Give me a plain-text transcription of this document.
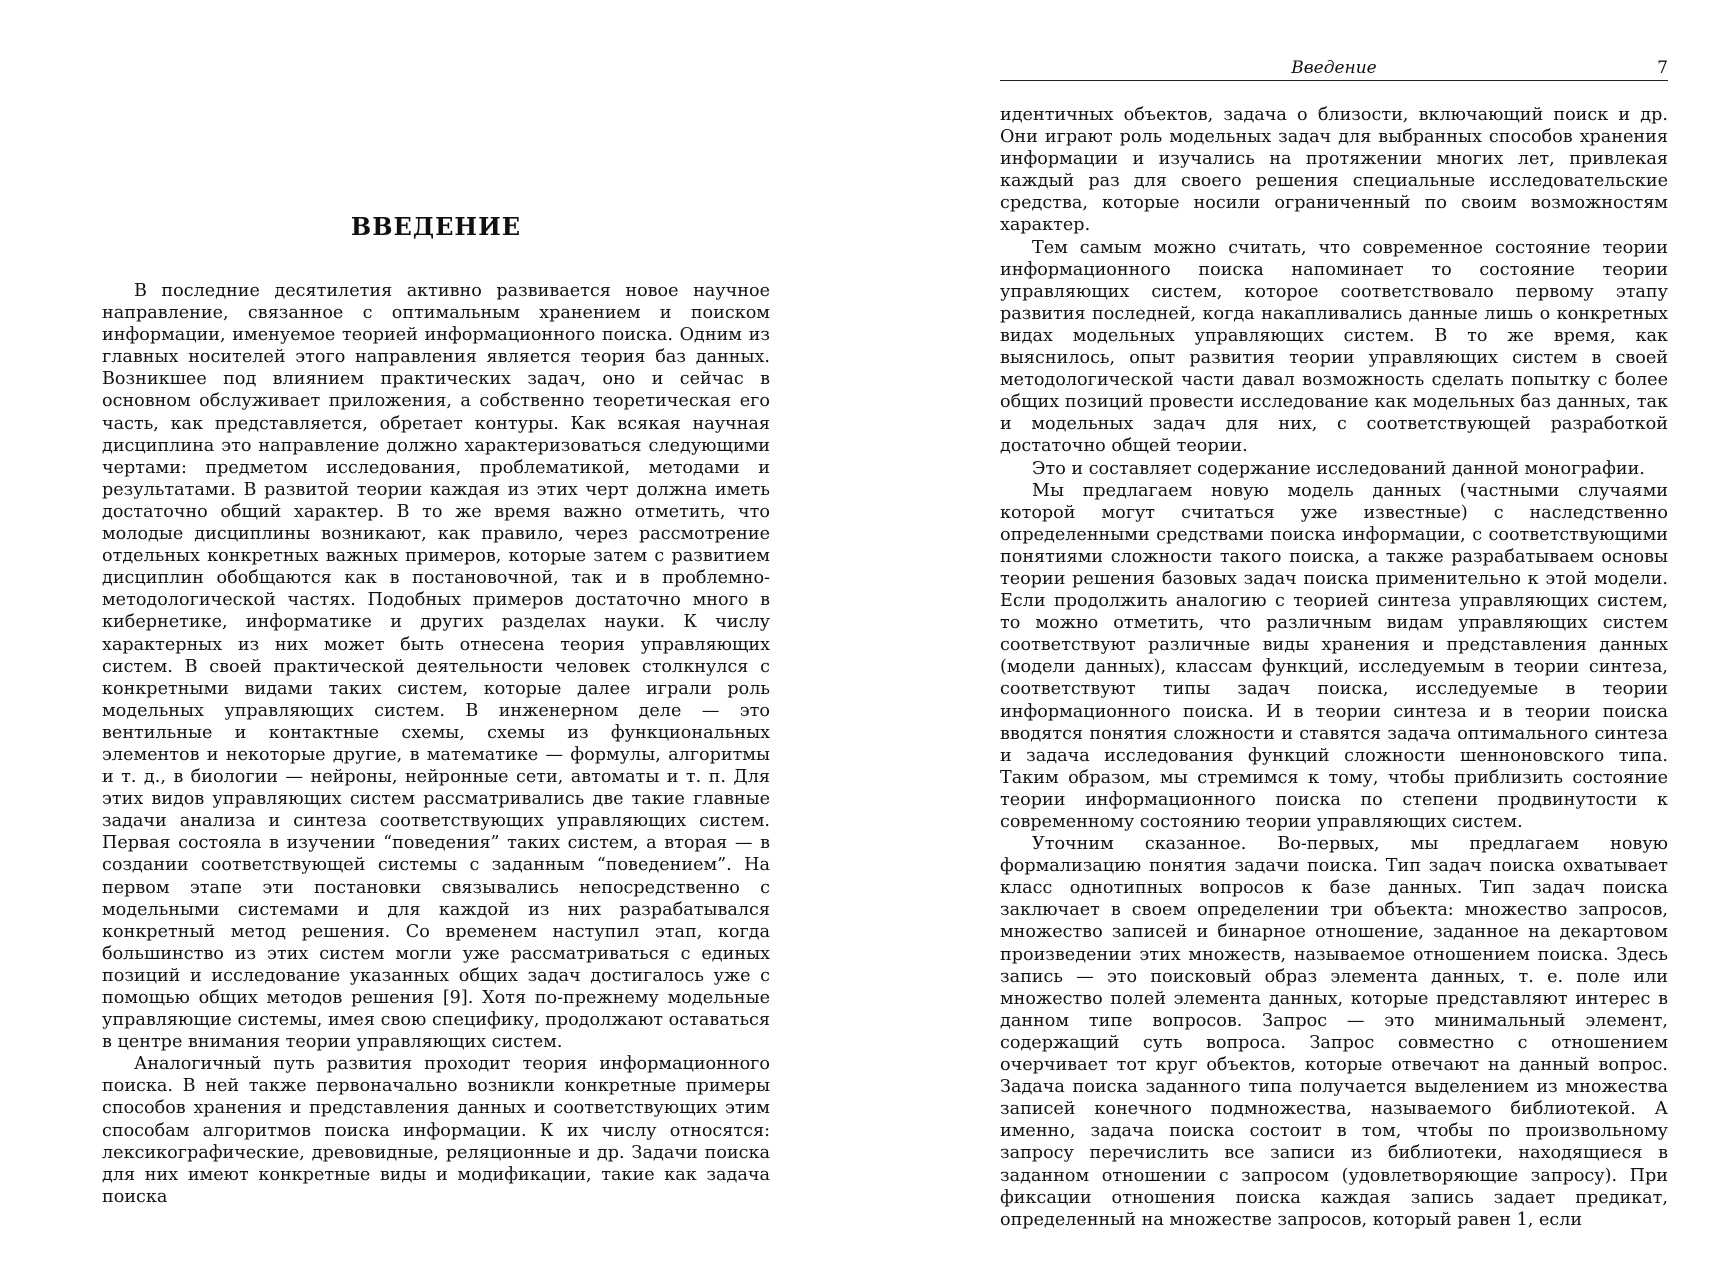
ВВЕДЕНИЕ

В последние десятилетия активно развивается новое научное направление, связанное с оптимальным хранением и поиском информации, именуемое теорией информационного поиска. Одним из главных носителей этого направления является теория баз данных. Возникшее под влиянием практических задач, оно и сейчас в основном обслуживает приложения, а собственно теоретическая его часть, как представляется, обретает контуры. Как всякая научная дисциплина это направление должно характеризоваться следующими чертами: предметом исследования, проблематикой, методами и результатами. В развитой теории каждая из этих черт должна иметь достаточно общий характер. В то же время важно отметить, что молодые дисциплины возникают, как правило, через рассмотрение отдельных конкретных важных примеров, которые затем с развитием дисциплин обобщаются как в постановочной, так и в проблемно-методологической частях. Подобных примеров достаточно много в кибернетике, информатике и других разделах науки. К числу характерных из них может быть отнесена теория управляющих систем. В своей практической деятельности человек столкнулся с конкретными видами таких систем, которые далее играли роль модельных управляющих систем. В инженерном деле — это вентильные и контактные схемы, схемы из функциональных элементов и некоторые другие, в математике — формулы, алгоритмы и т. д., в биологии — нейроны, нейронные сети, автоматы и т. п. Для этих видов управляющих систем рассматривались две такие главные задачи анализа и синтеза соответствующих управляющих систем. Первая состояла в изучении “поведения” таких систем, а вторая — в создании соответствующей системы с заданным “поведением”. На первом этапе эти постановки связывались непосредственно с модельными системами и для каждой из них разрабатывался конкретный метод решения. Со временем наступил этап, когда большинство из этих систем могли уже рассматриваться с единых позиций и исследование указанных общих задач достигалось уже с помощью общих методов решения [9]. Хотя по-прежнему модельные управляющие системы, имея свою специфику, продолжают оставаться в центре внимания теории управляющих систем.

Аналогичный путь развития проходит теория информационного поиска. В ней также первоначально возникли конкретные примеры способов хранения и представления данных и соответствующих этим способам алгоритмов поиска информации. К их числу относятся: лексикографические, древовидные, реляционные и др. Задачи поиска для них имеют конкретные виды и модификации, такие как задача поиска

Введение	7

идентичных объектов, задача о близости, включающий поиск и др. Они играют роль модельных задач для выбранных способов хранения информации и изучались на протяжении многих лет, привлекая каждый раз для своего решения специальные исследовательские средства, которые носили ограниченный по своим возможностям характер.

Тем самым можно считать, что современное состояние теории информационного поиска напоминает то состояние теории управляющих систем, которое соответствовало первому этапу развития последней, когда накапливались данные лишь о конкретных видах модельных управляющих систем. В то же время, как выяснилось, опыт развития теории управляющих систем в своей методологической части давал возможность сделать попытку с более общих позиций провести исследование как модельных баз данных, так и модельных задач для них, с соответствующей разработкой достаточно общей теории.

Это и составляет содержание исследований данной монографии.

Мы предлагаем новую модель данных (частными случаями которой могут считаться уже известные) с наследственно определенными средствами поиска информации, с соответствующими понятиями сложности такого поиска, а также разрабатываем основы теории решения базовых задач поиска применительно к этой модели. Если продолжить аналогию с теорией синтеза управляющих систем, то можно отметить, что различным видам управляющих систем соответствуют различные виды хранения и представления данных (модели данных), классам функций, исследуемым в теории синтеза, соответствуют типы задач поиска, исследуемые в теории информационного поиска. И в теории синтеза и в теории поиска вводятся понятия сложности и ставятся задача оптимального синтеза и задача исследования функций сложности шенноновского типа. Таким образом, мы стремимся к тому, чтобы приблизить состояние теории информационного поиска по степени продвинутости к современному состоянию теории управляющих систем.

Уточним сказанное. Во-первых, мы предлагаем новую формализацию понятия задачи поиска. Тип задач поиска охватывает класс однотипных вопросов к базе данных. Тип задач поиска заключает в своем определении три объекта: множество запросов, множество записей и бинарное отношение, заданное на декартовом произведении этих множеств, называемое отношением поиска. Здесь запись — это поисковый образ элемента данных, т. е. поле или множество полей элемента данных, которые представляют интерес в данном типе вопросов. Запрос — это минимальный элемент, содержащий суть вопроса. Запрос совместно с отношением очерчивает тот круг объектов, которые отвечают на данный вопрос. Задача поиска заданного типа получается выделением из множества записей конечного подмножества, называемого библиотекой. А именно, задача поиска состоит в том, чтобы по произвольному запросу перечислить все записи из библиотеки, находящиеся в заданном отношении с запросом (удовлетворяющие запросу). При фиксации отношения поиска каждая запись задает предикат, определенный на множестве запросов, который равен 1, если
